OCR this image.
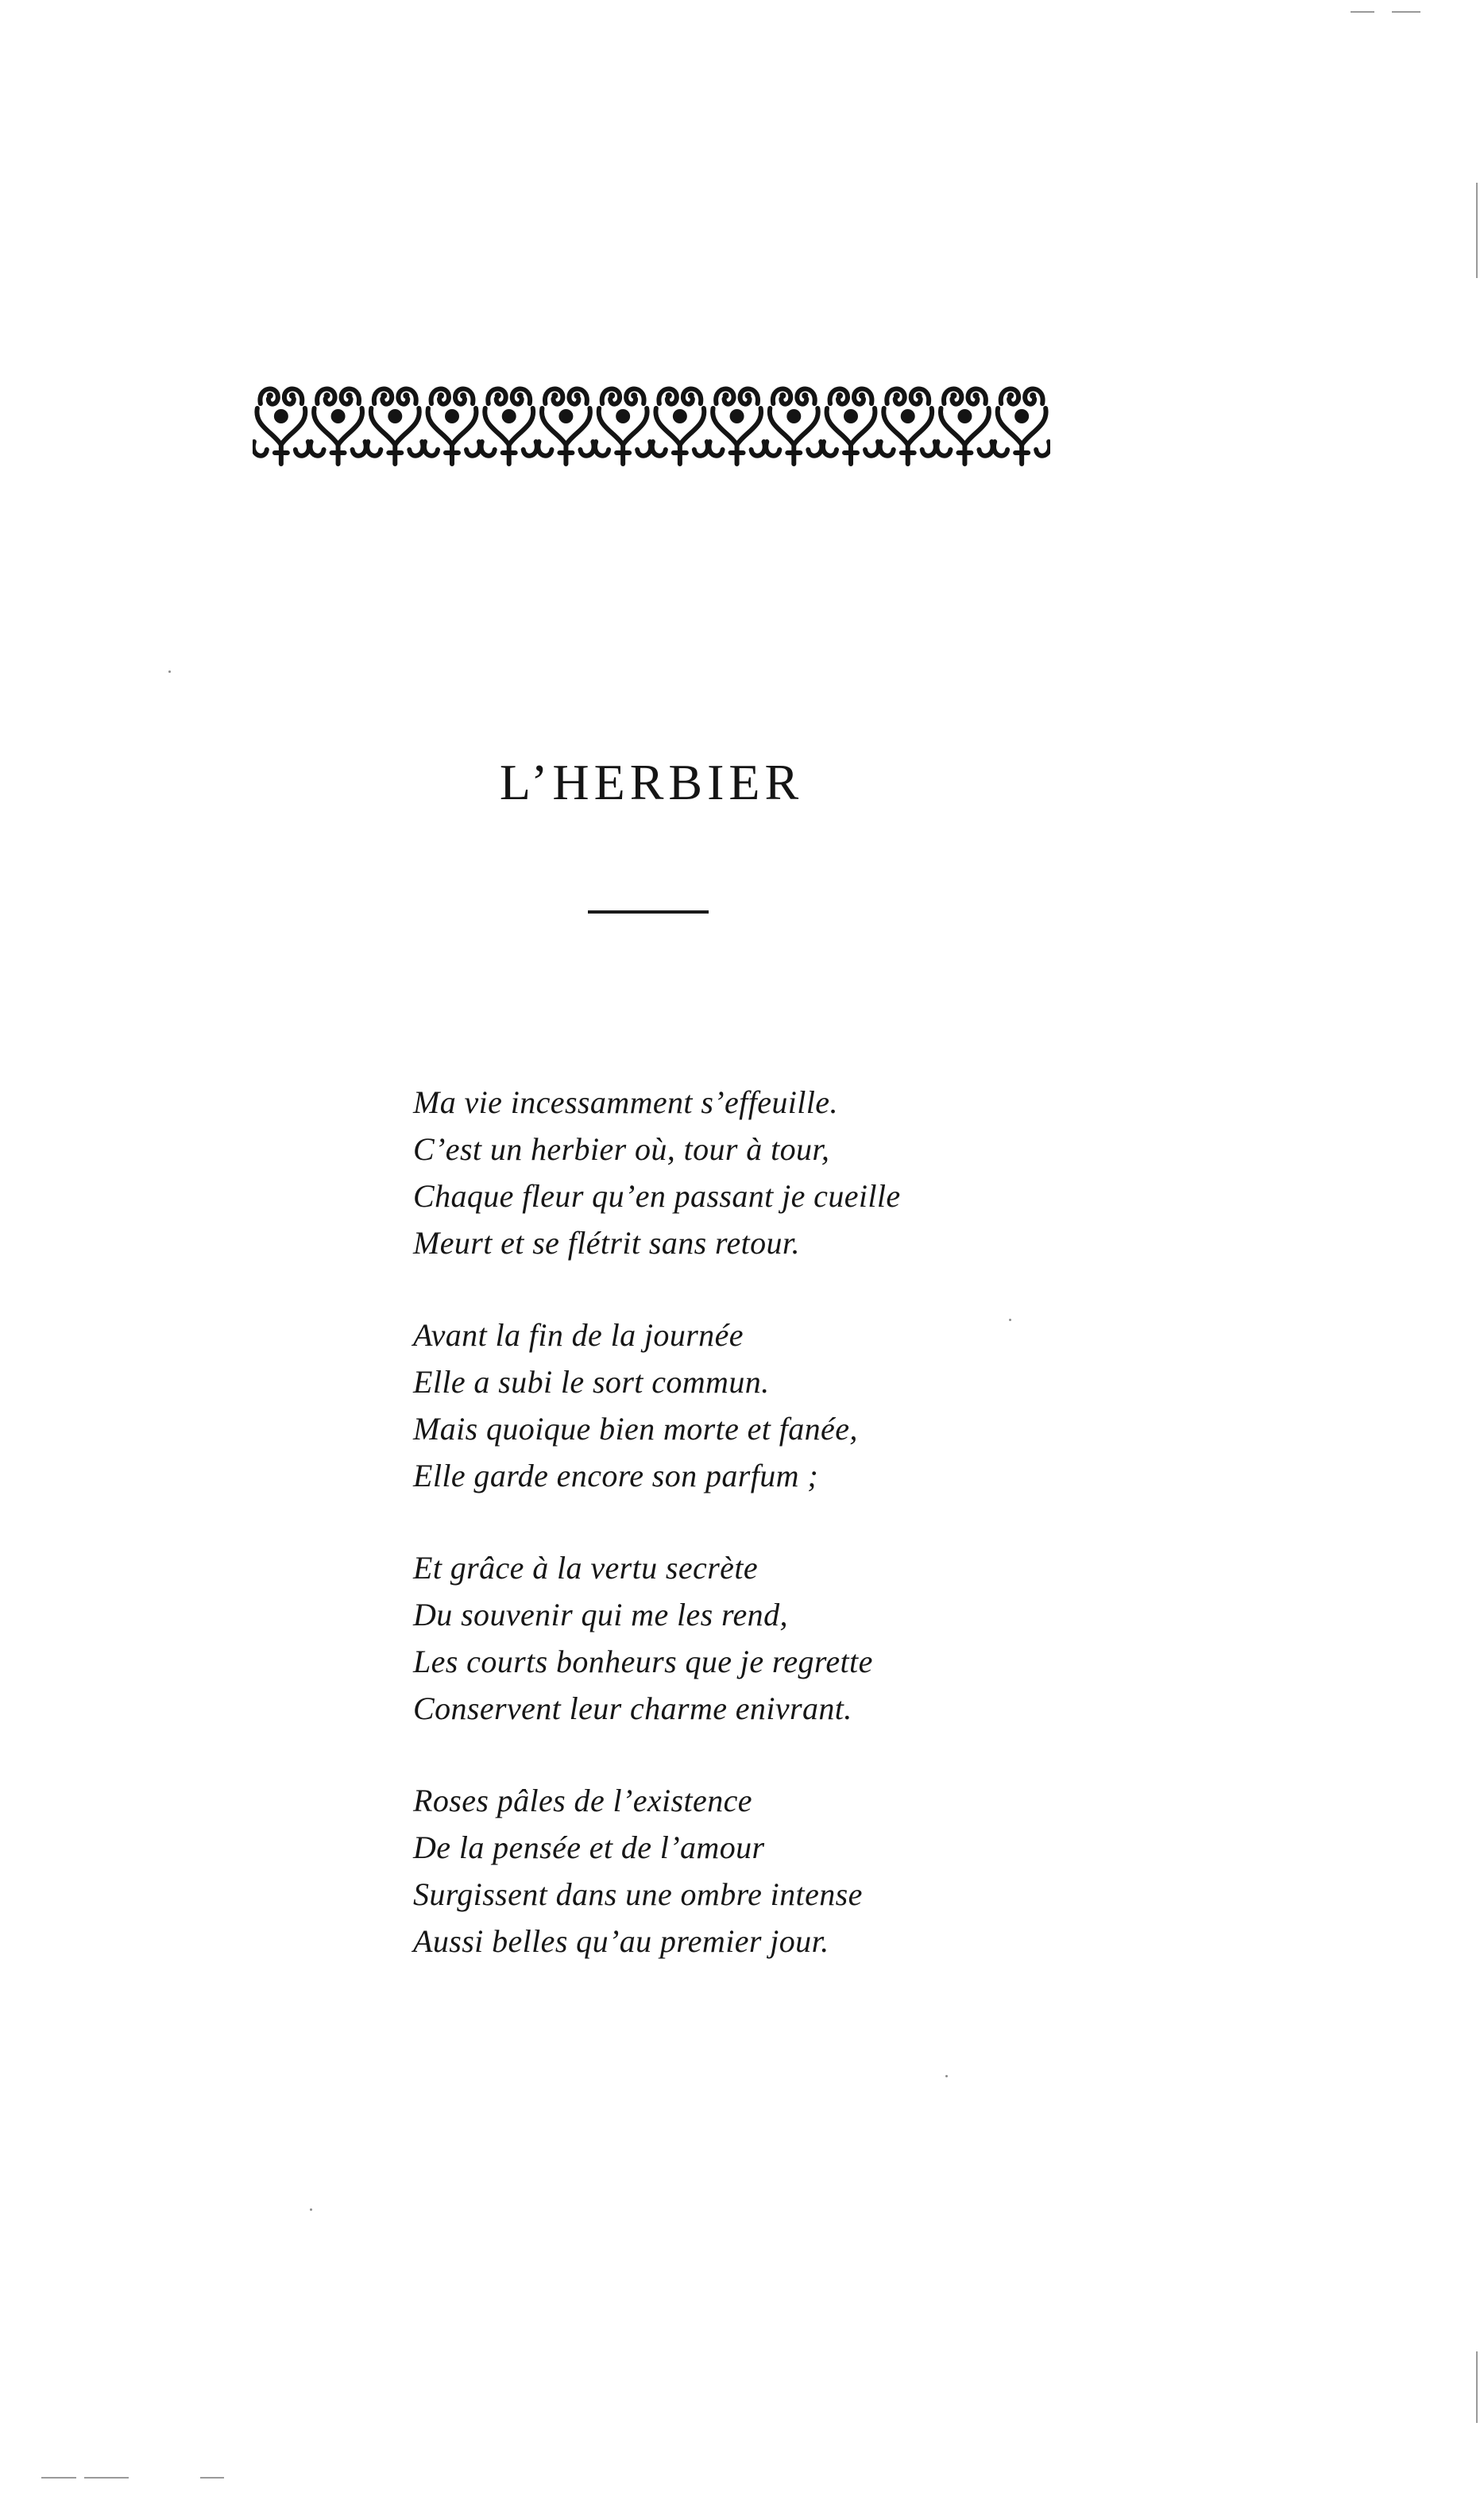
L’HERBIER
Ma vie incessamment s’effeuille.
C’est un herbier où, tour à tour,
Chaque fleur qu’en passant je cueille
Meurt et se flétrit sans retour.
Avant la fin de la journée
Elle a subi le sort commun.
Mais quoique bien morte et fanée,
Elle garde encore son parfum ;
Et grâce à la vertu secrète
Du souvenir qui me les rend,
Les courts bonheurs que je regrette
Conservent leur charme enivrant.
Roses pâles de l’existence
De la pensée et de l’amour
Surgissent dans une ombre intense
Aussi belles qu’au premier jour.
